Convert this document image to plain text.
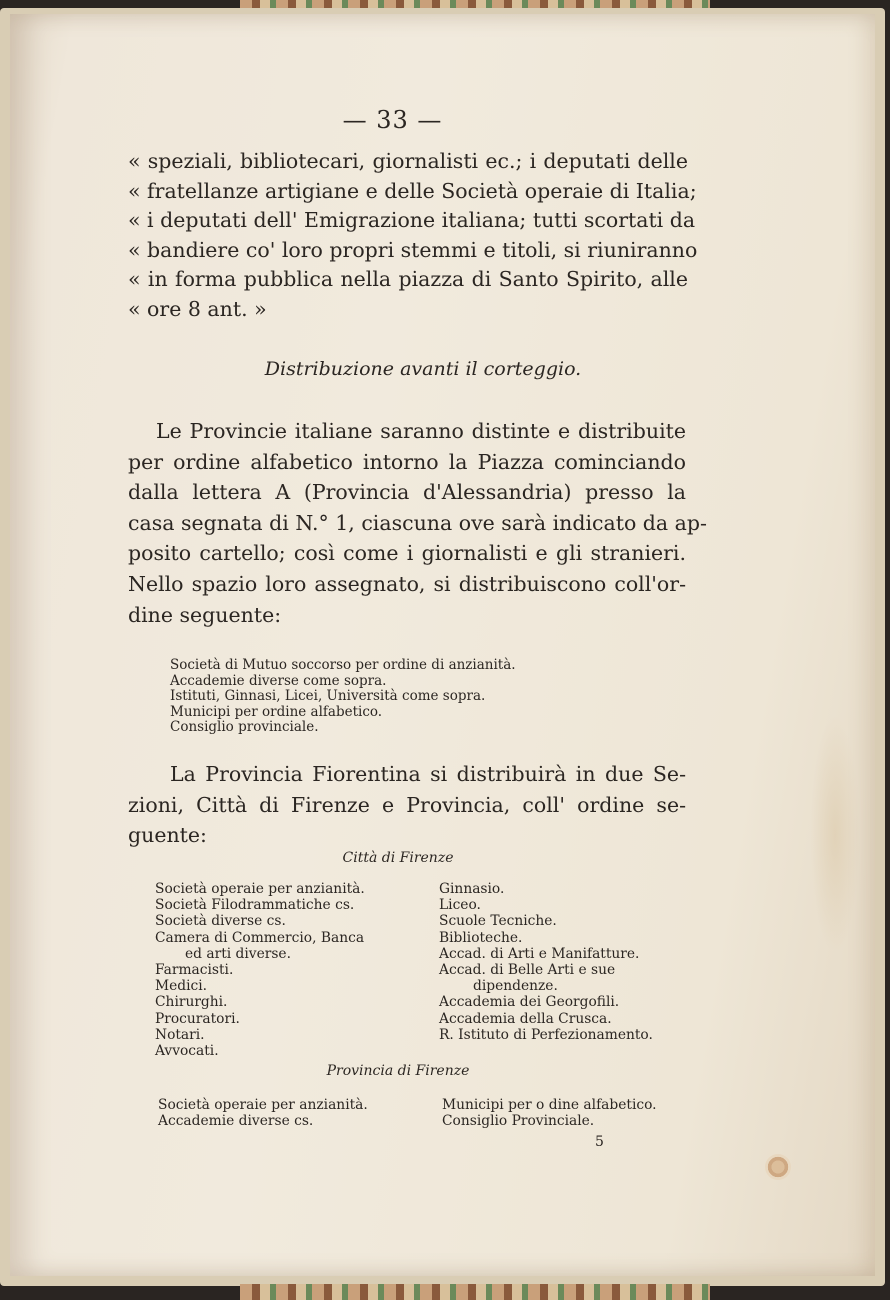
— 33 —
« speziali, bibliotecari, giornalisti ec.; i deputati delle
« fratellanze artigiane e delle Società operaie di Italia;
« i deputati dell' Emigrazione italiana; tutti scortati da
« bandiere co' loro propri stemmi e titoli, si riuniranno
« in forma pubblica nella piazza di Santo Spirito, alle
« ore 8 ant. »
Distribuzione avanti il corteggio.
Le Provincie italiane saranno distinte e distribuite
per ordine alfabetico intorno la Piazza cominciando
dalla lettera A (Provincia d'Alessandria) presso la
casa segnata di N.° 1, ciascuna ove sarà indicato da ap-
posito cartello; così come i giornalisti e gli stranieri.
Nello spazio loro assegnato, si distribuiscono coll'or-
dine seguente:
Società di Mutuo soccorso per ordine di anzianità.
Accademie diverse come sopra.
Istituti, Ginnasi, Licei, Università come sopra.
Municipi per ordine alfabetico.
Consiglio provinciale.
La Provincia Fiorentina si distribuirà in due Se-
zioni, Città di Firenze e Provincia, coll' ordine se-
guente:
Città di Firenze
Società operaie per anzianità.
Società Filodrammatiche cs.
Società diverse cs.
Camera di Commercio, Banca
ed arti diverse.
Farmacisti.
Medici.
Chirurghi.
Procuratori.
Notari.
Avvocati.
Ginnasio.
Liceo.
Scuole Tecniche.
Biblioteche.
Accad. di Arti e Manifatture.
Accad. di Belle Arti e sue
dipendenze.
Accademia dei Georgofili.
Accademia della Crusca.
R. Istituto di Perfezionamento.
Provincia di Firenze
Società operaie per anzianità.
Accademie diverse cs.
Municipi per o dine alfabetico.
Consiglio Provinciale.
5
